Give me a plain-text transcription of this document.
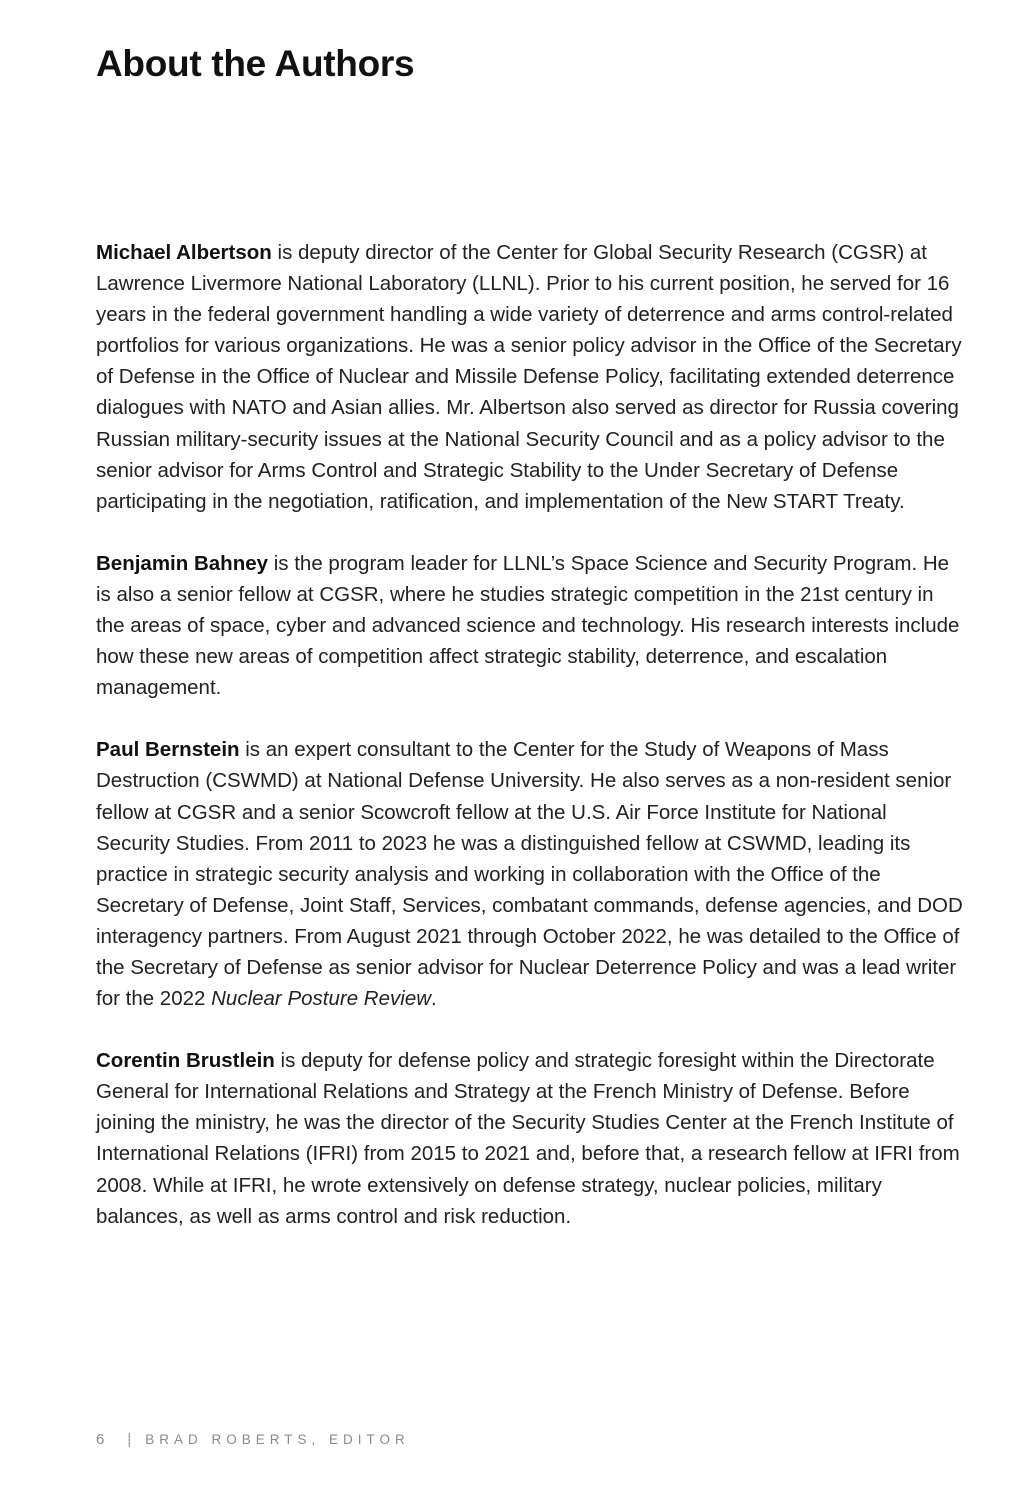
About the Authors

Michael Albertson is deputy director of the Center for Global Security Research (CGSR) at Lawrence Livermore National Laboratory (LLNL). Prior to his current position, he served for 16 years in the federal government handling a wide variety of deterrence and arms control-related portfolios for various organizations. He was a senior policy advisor in the Office of the Secretary of Defense in the Office of Nuclear and Missile Defense Policy, facilitating extended deterrence dialogues with NATO and Asian allies. Mr. Albertson also served as director for Russia covering Russian military-security issues at the National Security Council and as a policy advisor to the senior advisor for Arms Control and Strategic Stability to the Under Secretary of Defense participating in the negotiation, ratification, and implementation of the New START Treaty.

Benjamin Bahney is the program leader for LLNL’s Space Science and Security Program. He is also a senior fellow at CGSR, where he studies strategic competition in the 21st century in the areas of space, cyber and advanced science and technology. His research interests include how these new areas of competition affect strategic stability, deterrence, and escalation management.

Paul Bernstein is an expert consultant to the Center for the Study of Weapons of Mass Destruction (CSWMD) at National Defense University. He also serves as a non-resident senior fellow at CGSR and a senior Scowcroft fellow at the U.S. Air Force Institute for National Security Studies. From 2011 to 2023 he was a distinguished fellow at CSWMD, leading its practice in strategic security analysis and working in collaboration with the Office of the Secretary of Defense, Joint Staff, Services, combatant commands, defense agencies, and DOD interagency partners. From August 2021 through October 2022, he was detailed to the Office of the Secretary of Defense as senior advisor for Nuclear Deterrence Policy and was a lead writer for the 2022 Nuclear Posture Review.

Corentin Brustlein is deputy for defense policy and strategic foresight within the Directorate General for International Relations and Strategy at the French Ministry of Defense. Before joining the ministry, he was the director of the Security Studies Center at the French Institute of International Relations (IFRI) from 2015 to 2021 and, before that, a research fellow at IFRI from 2008. While at IFRI, he wrote extensively on defense strategy, nuclear policies, military balances, as well as arms control and risk reduction.

6 | BRAD ROBERTS, EDITOR
